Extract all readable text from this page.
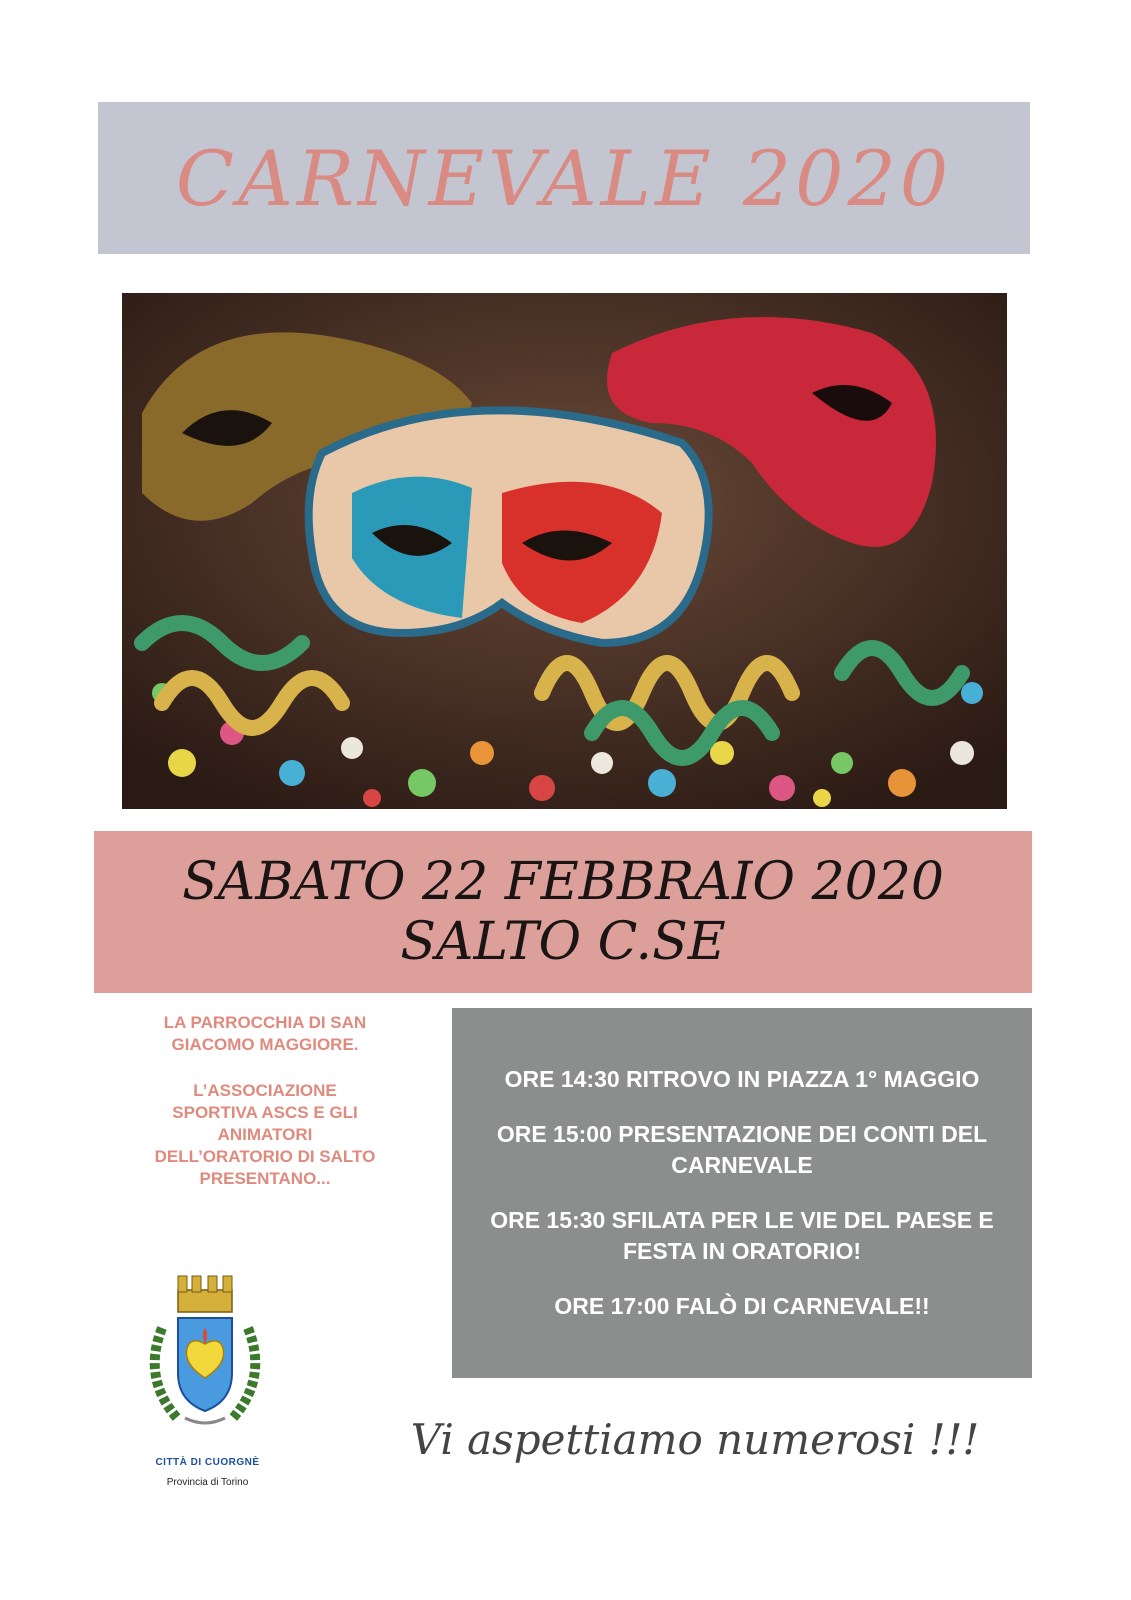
CARNEVALE 2020
SABATO 22 FEBBRAIO 2020
SALTO C.SE

LA PARROCCHIA DI SAN GIACOMO MAGGIORE.

L’ASSOCIAZIONE SPORTIVA ASCS E GLI ANIMATORI DELL’ORATORIO DI SALTO PRESENTANO...

ORE 14:30 RITROVO IN PIAZZA 1° MAGGIO
ORE 15:00 PRESENTAZIONE DEI CONTI DEL CARNEVALE
ORE 15:30 SFILATA PER LE VIE DEL PAESE E FESTA IN ORATORIO!
ORE 17:00 FALÒ DI CARNEVALE!!
CITTÀ DI CUORGNÈ
Provincia di Torino
Vi aspettiamo numerosi !!!
